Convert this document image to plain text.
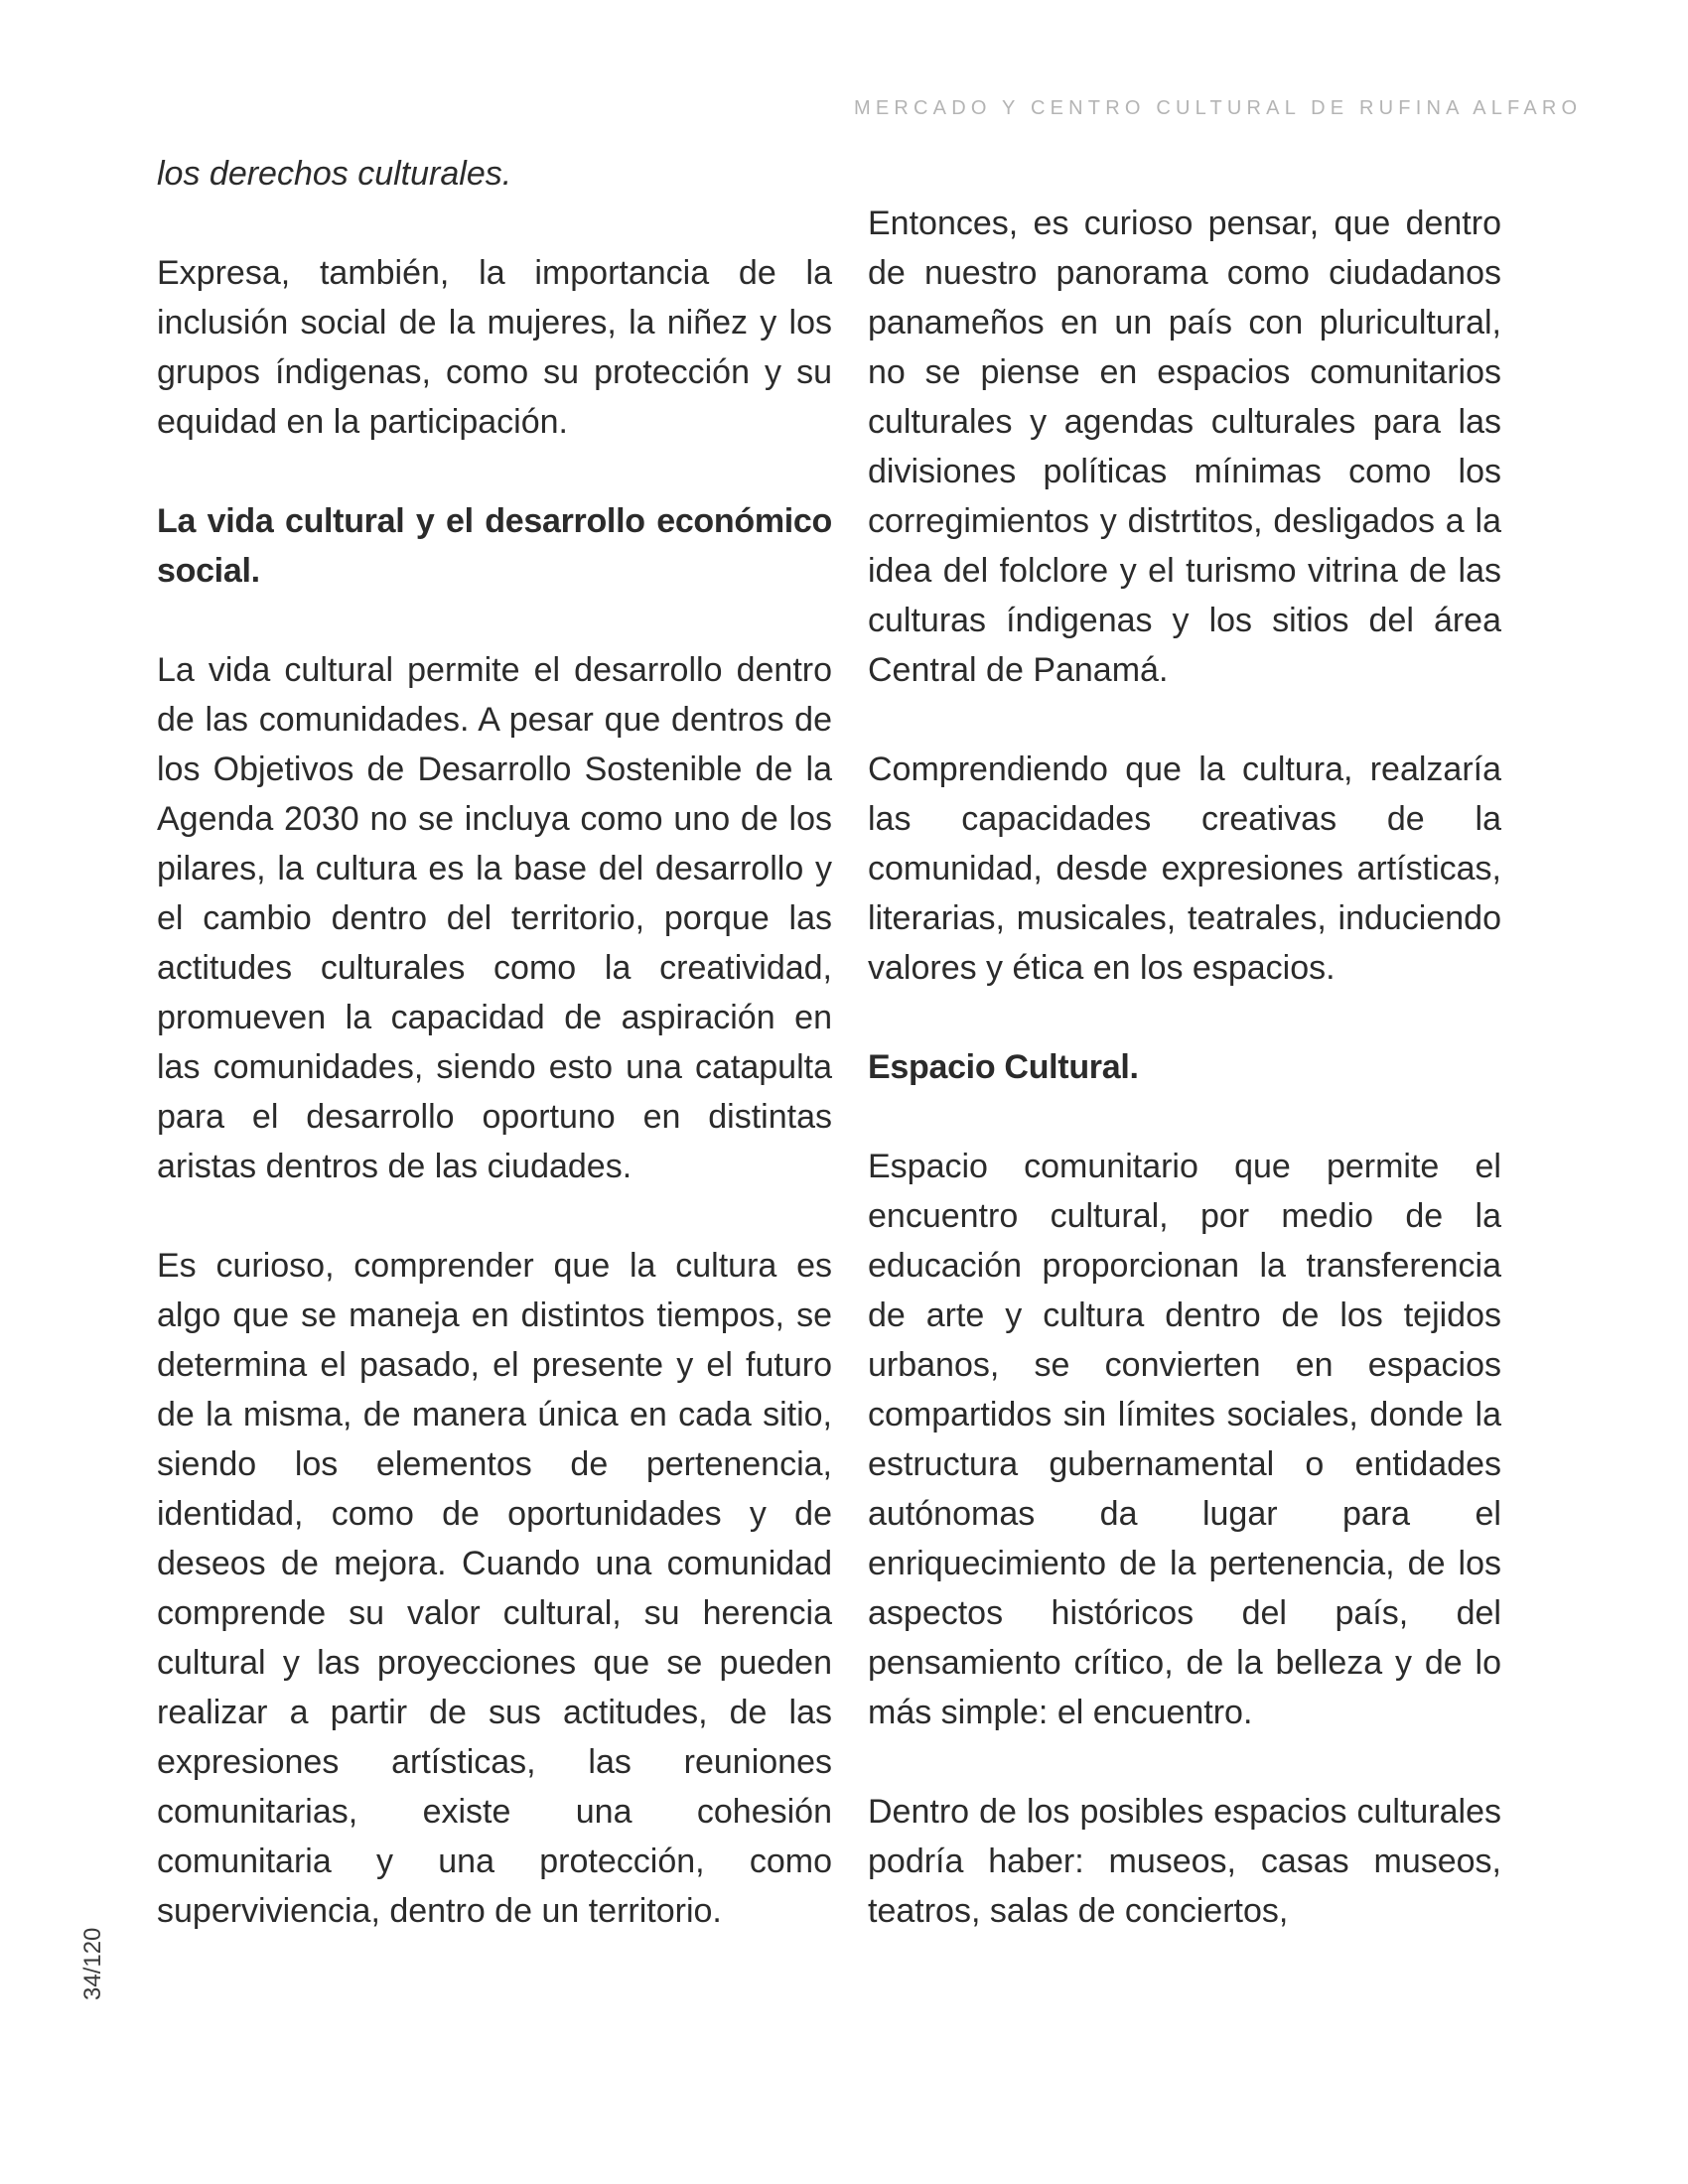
MERCADO Y CENTRO CULTURAL DE RUFINA ALFARO

los derechos culturales.

Expresa, también, la importancia de la inclusión social de la mujeres, la niñez y los grupos índigenas, como su protección y su equidad en la participación.

La vida cultural y el desarrollo económico social.

La vida cultural permite el desarrollo dentro de las comunidades. A pesar que dentros de los Objetivos de Desarrollo Sostenible de la Agenda 2030 no se incluya como uno de los pilares, la cultura es la base del desarrollo y el cambio dentro del territorio, porque las actitudes culturales como la creatividad, promueven la capacidad de aspiración en las comunidades, siendo esto una catapulta para el desarrollo oportuno en distintas aristas dentros de las ciudades.

Es curioso, comprender que la cultura es algo que se maneja en distintos tiempos, se determina el pasado, el presente y el futuro de la misma, de manera única en cada sitio, siendo los elementos de pertenencia, identidad, como de oportunidades y de deseos de mejora. Cuando una comunidad comprende su valor cultural, su herencia cultural y las proyecciones que se pueden realizar a partir de sus actitudes, de las expresiones artísticas, las reuniones comunitarias, existe una cohesión comunitaria y una protección, como superviviencia, dentro de un territorio.

Entonces, es curioso pensar, que dentro de nuestro panorama como ciudadanos panameños en un país con pluricultural, no se piense en espacios comunitarios culturales y agendas culturales para las divisiones políticas mínimas como los corregimientos y distrtitos, desligados a la idea del folclore y el turismo vitrina de las culturas índigenas y los sitios del área Central de Panamá.

Comprendiendo que la cultura, realzaría las capacidades creativas de la comunidad, desde expresiones artísticas, literarias, musicales, teatrales, induciendo valores y ética en los espacios.

Espacio Cultural.

Espacio comunitario que permite el encuentro cultural, por medio de la educación proporcionan la transferencia de arte y cultura dentro de los tejidos urbanos, se convierten en espacios compartidos sin límites sociales, donde la estructura gubernamental o entidades autónomas da lugar para el enriquecimiento de la pertenencia, de los aspectos históricos del país, del pensamiento crítico, de la belleza y de lo más simple: el encuentro.

Dentro de los posibles espacios culturales podría haber: museos, casas museos, teatros, salas de conciertos,

34/120
